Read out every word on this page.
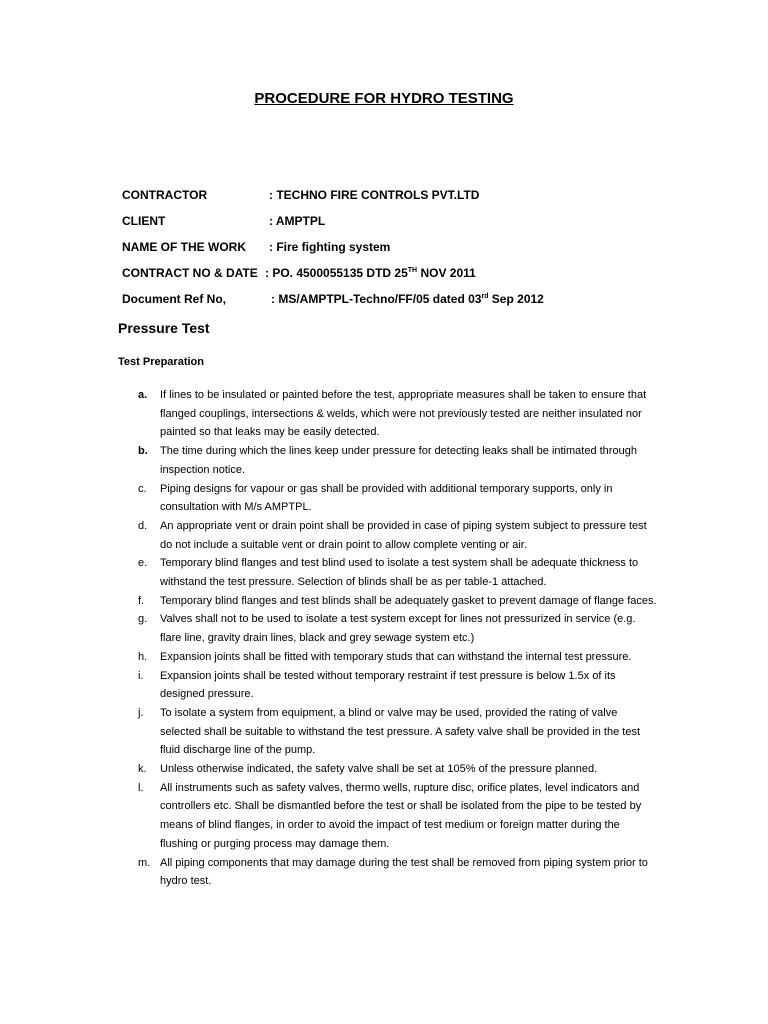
PROCEDURE FOR HYDRO TESTING
CONTRACTOR	: TECHNO FIRE CONTROLS PVT.LTD
CLIENT	: AMPTPL
NAME OF THE WORK : Fire fighting system
CONTRACT NO & DATE : PO. 4500055135 DTD 25TH NOV 2011
Document Ref No,	: MS/AMPTPL-Techno/FF/05 dated 03rd Sep 2012
Pressure Test
Test Preparation
a. If lines to be insulated or painted before the test, appropriate measures shall be taken to ensure that flanged couplings, intersections & welds, which were not previously tested are neither insulated nor painted so that leaks may be easily detected.
b. The time during which the lines keep under pressure for detecting leaks shall be intimated through inspection notice.
c. Piping designs for vapour or gas shall be provided with additional temporary supports, only in consultation with M/s AMPTPL.
d. An appropriate vent or drain point shall be provided in case of piping system subject to pressure test do not include a suitable vent or drain point to allow complete venting or air.
e. Temporary blind flanges and test blind used to isolate a test system shall be adequate thickness to withstand the test pressure. Selection of blinds shall be as per table-1 attached.
f. Temporary blind flanges and test blinds shall be adequately gasket to prevent damage of flange faces.
g. Valves shall not to be used to isolate a test system except for lines not pressurized in service (e.g. flare line, gravity drain lines, black and grey sewage system etc.)
h. Expansion joints shall be fitted with temporary studs that can withstand the internal test pressure.
i. Expansion joints shall be tested without temporary restraint if test pressure is below 1.5x of its designed pressure.
j. To isolate a system from equipment, a blind or valve may be used, provided the rating of valve selected shall be suitable to withstand the test pressure. A safety valve shall be provided in the test fluid discharge line of the pump.
k. Unless otherwise indicated, the safety valve shall be set at 105% of the pressure planned.
l. All instruments such as safety valves, thermo wells, rupture disc, orifice plates, level indicators and controllers etc. Shall be dismantled before the test or shall be isolated from the pipe to be tested by means of blind flanges, in order to avoid the impact of test medium or foreign matter during the flushing or purging process may damage them.
m. All piping components that may damage during the test shall be removed from piping system prior to hydro test.
